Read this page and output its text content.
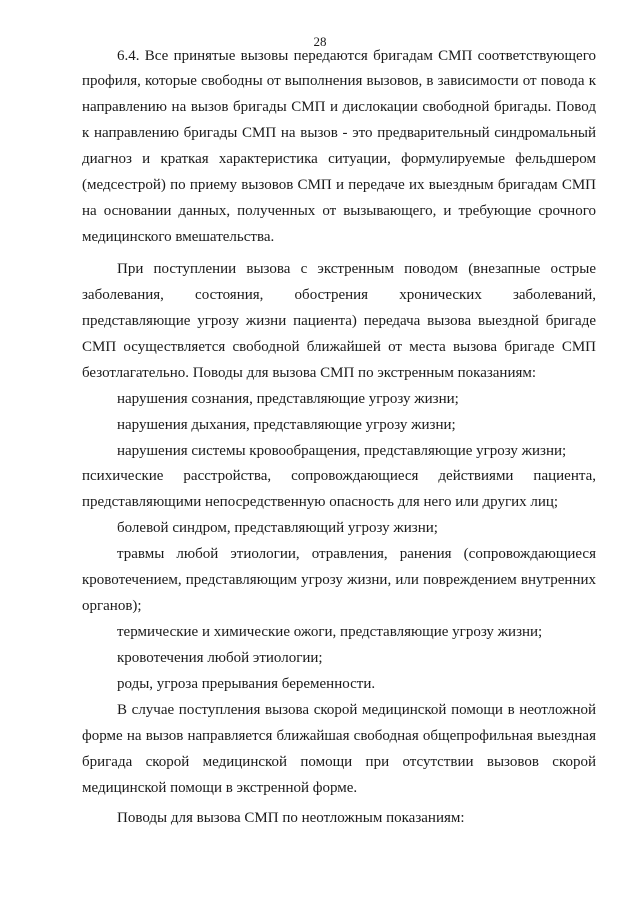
28
6.4. Все принятые вызовы передаются бригадам СМП соответствующего
профиля, которые свободны от выполнения вызовов, в зависимости от повода к
направлению на вызов бригады СМП и дислокации свободной бригады. Повод
к направлению бригады СМП на вызов - это предварительный синдромальный
диагноз и краткая характеристика ситуации, формулируемые фельдшером
(медсестрой) по приему вызовов СМП и передаче их выездным бригадам СМП
на основании данных, полученных от вызывающего, и требующие срочного
медицинского вмешательства.
При поступлении вызова с экстренным поводом (внезапные острые
заболевания, состояния, обострения хронических заболеваний,
представляющие угрозу жизни пациента) передача вызова выездной бригаде
СМП осуществляется свободной ближайшей от места вызова бригаде СМП
безотлагательно. Поводы для вызова СМП по экстренным показаниям:
нарушения сознания, представляющие угрозу жизни;
нарушения дыхания, представляющие угрозу жизни;
нарушения системы кровообращения, представляющие угрозу жизни;
психические расстройства, сопровождающиеся действиями пациента,
представляющими непосредственную опасность для него или других лиц;
болевой синдром, представляющий угрозу жизни;
травмы любой этиологии, отравления, ранения (сопровождающиеся
кровотечением, представляющим угрозу жизни, или повреждением внутренних
органов);
термические и химические ожоги, представляющие угрозу жизни;
кровотечения любой этиологии;
роды, угроза прерывания беременности.
В случае поступления вызова скорой медицинской помощи в неотложной
форме на вызов направляется ближайшая свободная общепрофильная выездная
бригада скорой медицинской помощи при отсутствии вызовов скорой
медицинской помощи в экстренной форме.
Поводы для вызова СМП по неотложным показаниям:
